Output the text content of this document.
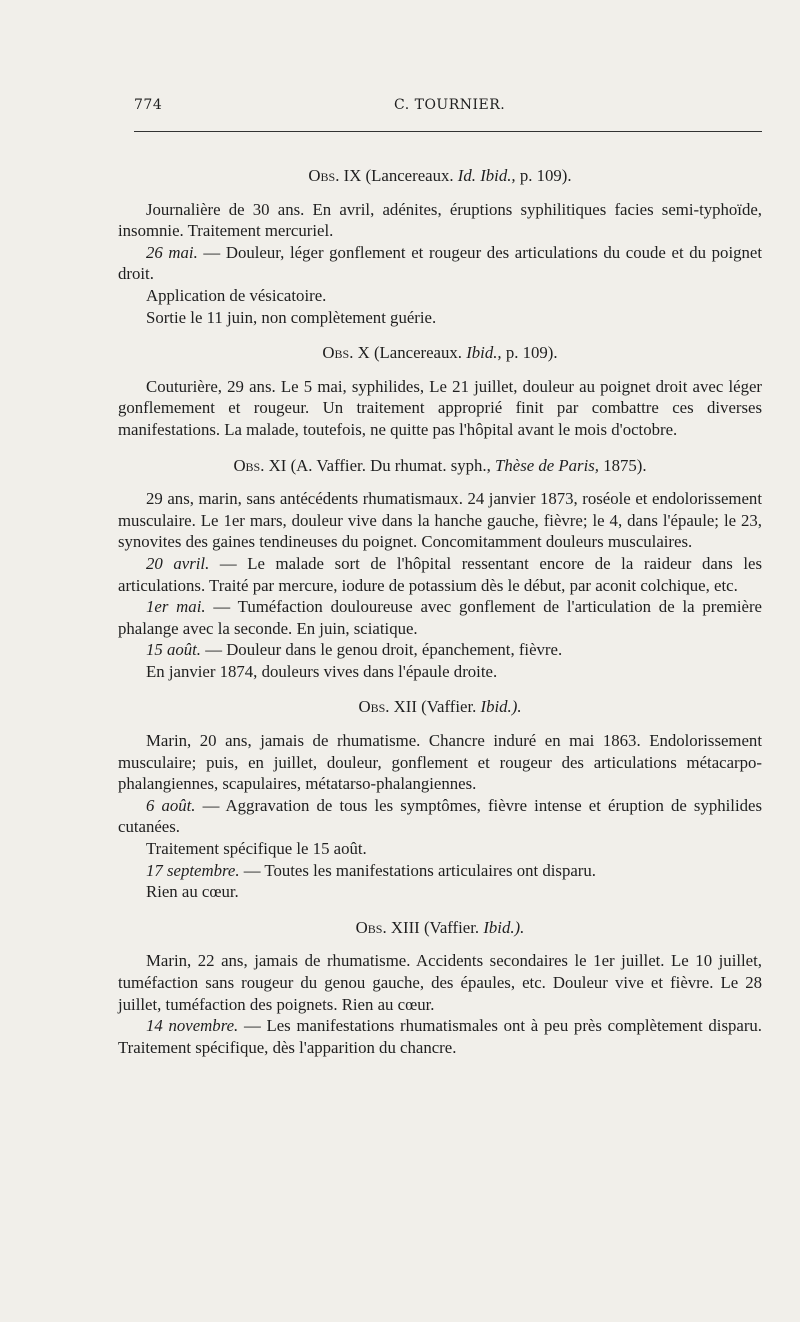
774	C. TOURNIER.
Obs. IX (Lancereaux. Id. Ibid., p. 109).

Journalière de 30 ans. En avril, adénites, éruptions syphilitiques facies semi-typhoïde, insomnie. Traitement mercuriel.

26 mai. — Douleur, léger gonflement et rougeur des articulations du coude et du poignet droit.

Application de vésicatoire.

Sortie le 11 juin, non complètement guérie.

Obs. X (Lancereaux. Ibid., p. 109).

Couturière, 29 ans. Le 5 mai, syphilides, Le 21 juillet, douleur au poignet droit avec léger gonflemement et rougeur. Un traitement approprié finit par combattre ces diverses manifestations. La malade, toutefois, ne quitte pas l'hôpital avant le mois d'octobre.

Obs. XI (A. Vaffier. Du rhumat. syph., Thèse de Paris, 1875).

29 ans, marin, sans antécédents rhumatismaux. 24 janvier 1873, roséole et endolorissement musculaire. Le 1er mars, douleur vive dans la hanche gauche, fièvre; le 4, dans l'épaule; le 23, synovites des gaines tendineuses du poignet. Concomitamment douleurs musculaires.

20 avril. — Le malade sort de l'hôpital ressentant encore de la raideur dans les articulations. Traité par mercure, iodure de potassium dès le début, par aconit colchique, etc.

1er mai. — Tuméfaction douloureuse avec gonflement de l'articulation de la première phalange avec la seconde. En juin, sciatique.

15 août. — Douleur dans le genou droit, épanchement, fièvre.

En janvier 1874, douleurs vives dans l'épaule droite.

Obs. XII (Vaffier. Ibid.).

Marin, 20 ans, jamais de rhumatisme. Chancre induré en mai 1863. Endolorissement musculaire; puis, en juillet, douleur, gonflement et rougeur des articulations métacarpo-phalangiennes, scapulaires, métatarso-phalangiennes.

6 août. — Aggravation de tous les symptômes, fièvre intense et éruption de syphilides cutanées.

Traitement spécifique le 15 août.

17 septembre. — Toutes les manifestations articulaires ont disparu.

Rien au cœur.

Obs. XIII (Vaffier. Ibid.).

Marin, 22 ans, jamais de rhumatisme. Accidents secondaires le 1er juillet. Le 10 juillet, tuméfaction sans rougeur du genou gauche, des épaules, etc. Douleur vive et fièvre. Le 28 juillet, tuméfaction des poignets. Rien au cœur.

14 novembre. — Les manifestations rhumatismales ont à peu près complètement disparu. Traitement spécifique, dès l'apparition du chancre.
